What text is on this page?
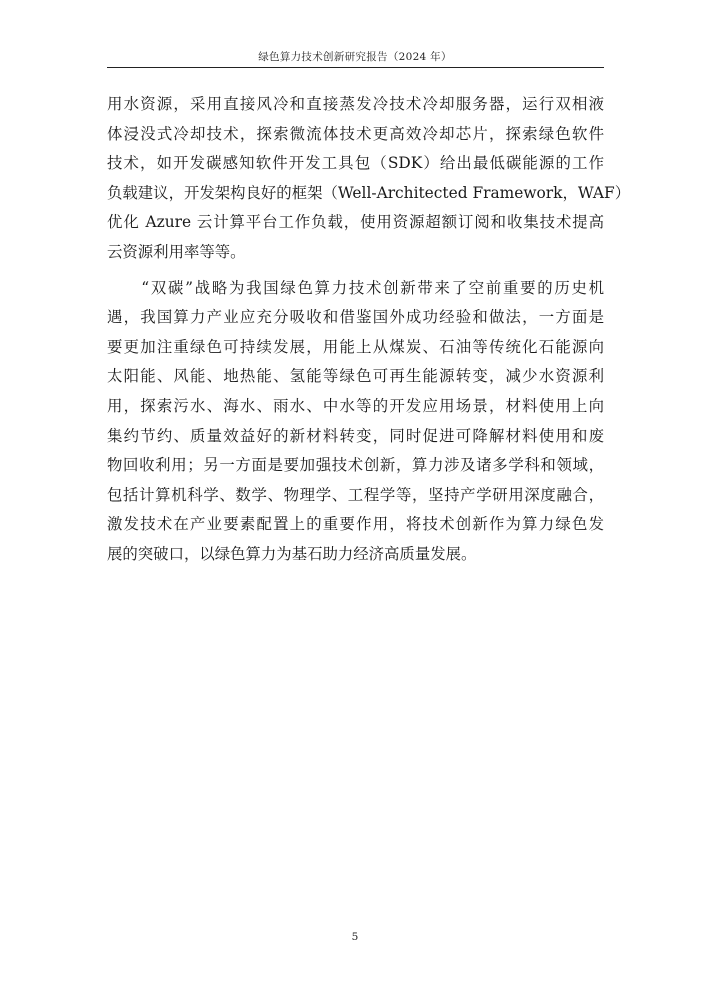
绿色算力技术创新研究报告（2024 年）
用水资源，采用直接风冷和直接蒸发冷技术冷却服务器，运行双相液
体浸没式冷却技术，探索微流体技术更高效冷却芯片，探索绿色软件
技术，如开发碳感知软件开发工具包（SDK）给出最低碳能源的工作
负载建议，开发架构良好的框架（Well-Architected Framework，WAF）
优化 Azure 云计算平台工作负载，使用资源超额订阅和收集技术提高
云资源利用率等等。
　　“双碳”战略为我国绿色算力技术创新带来了空前重要的历史机
遇，我国算力产业应充分吸收和借鉴国外成功经验和做法，一方面是
要更加注重绿色可持续发展，用能上从煤炭、石油等传统化石能源向
太阳能、风能、地热能、氢能等绿色可再生能源转变，减少水资源利
用，探索污水、海水、雨水、中水等的开发应用场景，材料使用上向
集约节约、质量效益好的新材料转变，同时促进可降解材料使用和废
物回收利用；另一方面是要加强技术创新，算力涉及诸多学科和领域，
包括计算机科学、数学、物理学、工程学等，坚持产学研用深度融合，
激发技术在产业要素配置上的重要作用，将技术创新作为算力绿色发
展的突破口，以绿色算力为基石助力经济高质量发展。
5
